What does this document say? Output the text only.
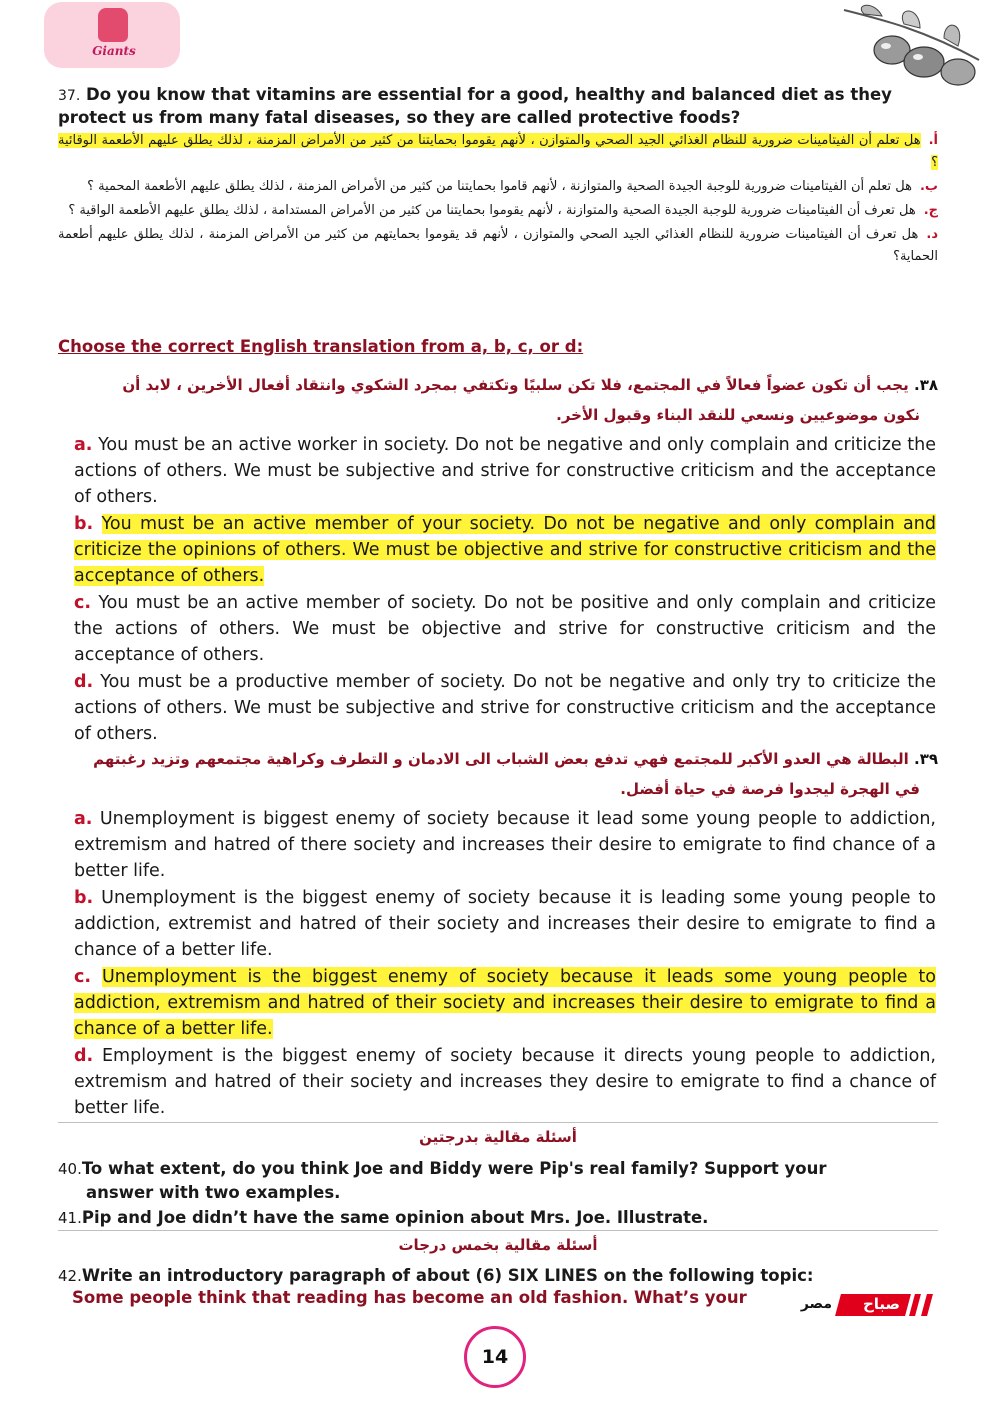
Giants
37. Do you know that vitamins are essential for a good, healthy and balanced diet as they protect us from many fatal diseases, so they are called protective foods?
أ.هل تعلم أن الفيتامينات ضرورية للنظام الغذائي الجيد الصحي والمتوازن ، لأنهم يقوموا بحمايتنا من كثير من الأمراض المزمنة ، لذلك يطلق عليهم الأطعمة الوقائية ؟
ب.هل تعلم أن الفيتامينات ضرورية للوجبة الجيدة الصحية والمتوازنة ، لأنهم قاموا بحمايتنا من كثير من الأمراض المزمنة ، لذلك يطلق عليهم الأطعمة المحمية ؟
ج.هل تعرف أن الفيتامينات ضرورية للوجبة الجيدة الصحية والمتوازنة ، لأنهم يقوموا بحمايتنا من كثير من الأمراض المستدامة ، لذلك يطلق عليهم الأطعمة الواقية ؟
د.هل تعرف أن الفيتامينات ضرورية للنظام الغذائي الجيد الصحي والمتوازن ، لأنهم قد يقوموا بحمايتهم من كثير من الأمراض المزمنة ، لذلك يطلق عليهم أطعمة الحماية؟
Choose the correct English translation from a, b, c, or d:
٣٨. يجب أن تكون عضواً فعالاً في المجتمع، فلا تكن سلبيًا وتكتفي بمجرد الشكوي وانتقاد أفعال الأخرين ، لابد أن
نكون موضوعيين ونسعي للنقد البناء وقبول الأخر.
a. You must be an active worker in society. Do not be negative and only complain and criticize the actions of others. We must be subjective and strive for constructive criticism and the acceptance of others.
b. You must be an active member of your society. Do not be negative and only complain and criticize the opinions of others. We must be objective and strive for constructive criticism and the acceptance of others.
c. You must be an active member of society. Do not be positive and only complain and criticize the actions of others. We must be objective and strive for constructive criticism and the acceptance of others.
d. You must be a productive member of society. Do not be negative and only try to criticize the actions of others. We must be subjective and strive for constructive criticism and the acceptance of others.
٣٩. البطالة هي العدو الأكبر للمجتمع فهي تدفع بعض الشباب الى الادمان و التطرف وكراهية مجتمعهم وتزيد رغبتهم
في الهجرة ليجدوا فرصة في حياة أفضل.
a. Unemployment is biggest enemy of society because it lead some young people to addiction, extremism and hatred of there society and increases their desire to emigrate to find chance of a better life.
b. Unemployment is the biggest enemy of society because it is leading some young people to addiction, extremist and hatred of their society and increases their desire to emigrate to find a chance of a better life.
c. Unemployment is the biggest enemy of society because it leads some young people to addiction, extremism and hatred of their society and increases their desire to emigrate to find a chance of a better life.
d. Employment is the biggest enemy of society because it directs young people to addiction, extremism and hatred of their society and increases they desire to emigrate to find a chance of better life.
أسئلة مقالية بدرجتين
40.To what extent, do you think Joe and Biddy were Pip's real family? Support your
answer with two examples.
41.Pip and Joe didn’t have the same opinion about Mrs. Joe. Illustrate.
أسئلة مقالية بخمس درجات
42.Write an introductory paragraph of about (6) SIX LINES on the following topic:
Some people think that reading has become an old fashion. What’s your	صباح
مصر
14
